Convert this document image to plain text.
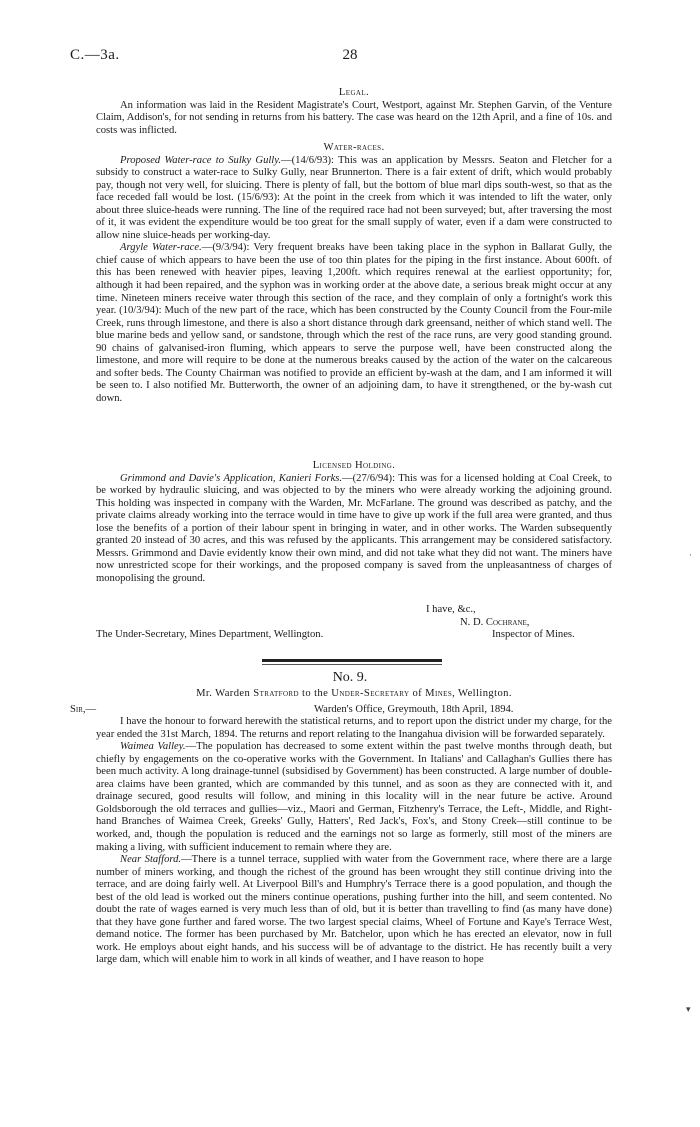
C.—3a.	28

Legal.

An information was laid in the Resident Magistrate's Court, Westport, against Mr. Stephen Garvin, of the Venture Claim, Addison's, for not sending in returns from his battery. The case was heard on the 12th April, and a fine of 10s. and costs was inflicted.

Water-races.

Proposed Water-race to Sulky Gully.—(14/6/93): This was an application by Messrs. Seaton and Fletcher for a subsidy to construct a water-race to Sulky Gully, near Brunnerton. There is a fair extent of drift, which would probably pay, though not very well, for sluicing. There is plenty of fall, but the bottom of blue marl dips south-west, so that as the face receded fall would be lost. (15/6/93): At the point in the creek from which it was intended to lift the water, only about three sluice-heads were running. The line of the required race had not been surveyed; but, after traversing the most of it, it was evident the expenditure would be too great for the small supply of water, even if a dam were constructed to allow nine sluice-heads per working-day.

Argyle Water-race.—(9/3/94): Very frequent breaks have been taking place in the syphon in Ballarat Gully, the chief cause of which appears to have been the use of too thin plates for the piping in the first instance. About 600ft. of this has been renewed with heavier pipes, leaving 1,200ft. which requires renewal at the earliest opportunity; for, although it had been repaired, and the syphon was in working order at the above date, a serious break might occur at any time. Nineteen miners receive water through this section of the race, and they complain of only a fortnight's work this year. (10/3/94): Much of the new part of the race, which has been constructed by the County Council from the Four-mile Creek, runs through limestone, and there is also a short distance through dark greensand, neither of which stand well. The blue marine beds and yellow sand, or sandstone, through which the rest of the race runs, are very good standing ground. 90 chains of galvanised-iron fluming, which appears to serve the purpose well, have been constructed along the limestone, and more will require to be done at the numerous breaks caused by the action of the water on the calcareous and softer beds. The County Chairman was notified to provide an efficient by-wash at the dam, and I am informed it will be seen to. I also notified Mr. Butterworth, the owner of an adjoining dam, to have it strengthened, or the by-wash cut down.

Licensed Holding.

Grimmond and Davie's Application, Kanieri Forks.—(27/6/94): This was for a licensed holding at Coal Creek, to be worked by hydraulic sluicing, and was objected to by the miners who were already working the adjoining ground. This holding was inspected in company with the Warden, Mr. McFarlane. The ground was described as patchy, and the private claims already working into the terrace would in time have to give up work if the full area were granted, and thus lose the benefits of a portion of their labour spent in bringing in water, and in other works. The Warden subsequently granted 20 instead of 30 acres, and this was refused by the applicants. This arrangement may be considered satisfactory. Messrs. Grimmond and Davie evidently know their own mind, and did not take what they did not want. The miners have now unrestricted scope for their workings, and the proposed company is saved from the unpleasantness of charges of monopolising the ground.

I have, &c.,
N. D. Cochrane,
The Under-Secretary, Mines Department, Wellington.	Inspector of Mines.
No. 9.

Mr. Warden Stratford to the Under-Secretary of Mines, Wellington.

Sir,—	Warden's Office, Greymouth, 18th April, 1894.

I have the honour to forward herewith the statistical returns, and to report upon the district under my charge, for the year ended the 31st March, 1894. The returns and report relating to the Inangahua division will be forwarded separately.

Waimea Valley.—The population has decreased to some extent within the past twelve months through death, but chiefly by engagements on the co-operative works with the Government. In Italians' and Callaghan's Gullies there has been much activity. A long drainage-tunnel (subsidised by Government) has been constructed. A large number of double-area claims have been granted, which are commanded by this tunnel, and as soon as they are connected with it, and drainage secured, good results will follow, and mining in this locality will in the near future be active. Around Goldsborough the old terraces and gullies—viz., Maori and German, Fitzhenry's Terrace, the Left-, Middle, and Right-hand Branches of Waimea Creek, Greeks' Gully, Hatters', Red Jack's, Fox's, and Stony Creek—still continue to be worked, and, though the population is reduced and the earnings not so large as formerly, still most of the miners are making a living, with sufficient inducement to remain where they are.

Near Stafford.—There is a tunnel terrace, supplied with water from the Government race, where there are a large number of miners working, and though the richest of the ground has been wrought they still continue driving into the terrace, and are doing fairly well. At Liverpool Bill's and Humphry's Terrace there is a good population, and though the best of the old lead is worked out the miners continue operations, pushing further into the hill, and seem contented. No doubt the rate of wages earned is very much less than of old, but it is better than travelling to find (as many have done) that they have gone further and fared worse. The two largest special claims, Wheel of Fortune and Kaye's Terrace West, demand notice. The former has been purchased by Mr. Batchelor, upon which he has erected an elevator, now in full work. He employs about eight hands, and his success will be of advantage to the district. He has recently built a very large dam, which will enable him to work in all kinds of weather, and I have reason to hope

·
▾
